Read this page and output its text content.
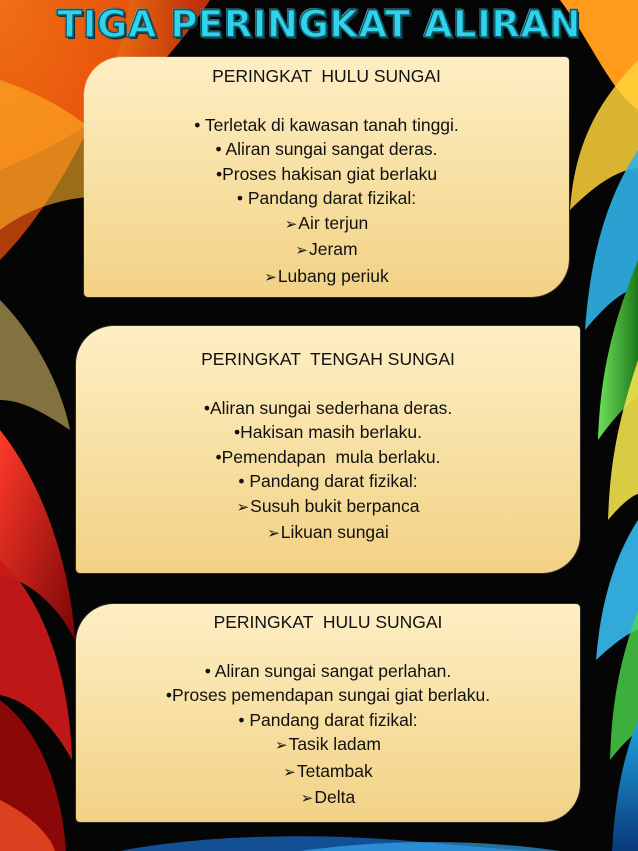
TIGA PERINGKAT ALIRAN
PERINGKAT  HULU SUNGAI
• Terletak di kawasan tanah tinggi.
• Aliran sungai sangat deras.
•Proses hakisan giat berlaku
• Pandang darat fizikal:
➢Air terjun
➢Jeram
➢Lubang periuk
PERINGKAT  TENGAH SUNGAI
•Aliran sungai sederhana deras.
•Hakisan masih berlaku.
•Pemendapan  mula berlaku.
• Pandang darat fizikal:
➢Susuh bukit berpanca
➢Likuan sungai
PERINGKAT  HULU SUNGAI
• Aliran sungai sangat perlahan.
•Proses pemendapan sungai giat berlaku.
• Pandang darat fizikal:
➢Tasik ladam
➢Tetambak
➢Delta
